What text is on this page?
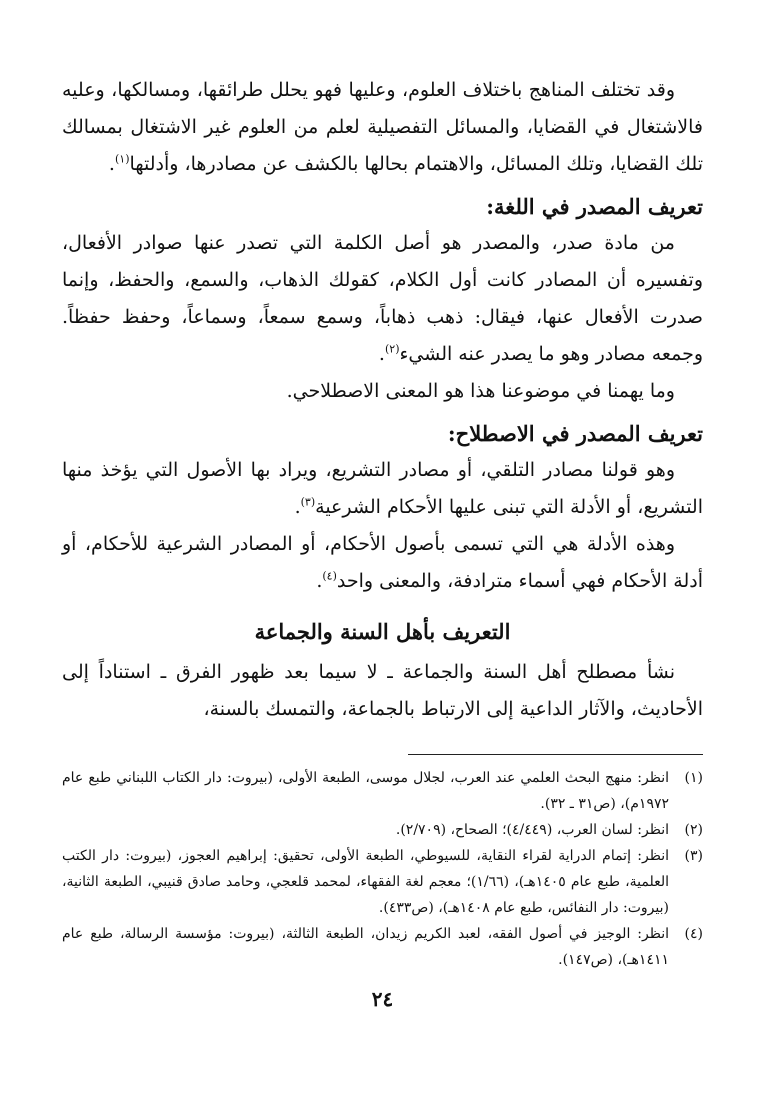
وقد تختلف المناهج باختلاف العلوم، وعليها فهو يحلل طرائقها، ومسالكها، وعليه فالاشتغال في القضايا، والمسائل التفصيلية لعلم من العلوم غير الاشتغال بمسالك تلك القضايا، وتلك المسائل، والاهتمام بحالها بالكشف عن مصادرها، وأدلتها$^{(١)}$.

تعريف المصدر في اللغة:

من مادة صدر، والمصدر هو أصل الكلمة التي تصدر عنها صوادر الأفعال، وتفسيره أن المصادر كانت أول الكلام، كقولك الذهاب، والسمع، والحفظ، وإنما صدرت الأفعال عنها، فيقال: ذهب ذهاباً، وسمع سمعاً، وسماعاً، وحفظ حفظاً. وجمعه مصادر وهو ما يصدر عنه الشيء$^{(٢)}$.

وما يهمنا في موضوعنا هذا هو المعنى الاصطلاحي.

تعريف المصدر في الاصطلاح:

وهو قولنا مصادر التلقي، أو مصادر التشريع، ويراد بها الأصول التي يؤخذ منها التشريع، أو الأدلة التي تبنى عليها الأحكام الشرعية$^{(٣)}$.

وهذه الأدلة هي التي تسمى بأصول الأحكام، أو المصادر الشرعية للأحكام، أو أدلة الأحكام فهي أسماء مترادفة، والمعنى واحد$^{(٤)}$.

التعريف بأهل السنة والجماعة

نشأ مصطلح أهل السنة والجماعة ـ لا سيما بعد ظهور الفرق ـ استناداً إلى الأحاديث، والآثار الداعية إلى الارتباط بالجماعة، والتمسك بالسنة،

(١)
انظر: منهج البحث العلمي عند العرب، لجلال موسى، الطبعة الأولى، (بيروت: دار الكتاب اللبناني طبع عام ١٩٧٢م)، (ص٣١ ـ ٣٢).
(٢)
انظر: لسان العرب، (٤/٤٤٩)؛ الصحاح، (٢/٧٠٩).
(٣)
انظر: إتمام الدراية لقراء النقاية، للسيوطي، الطبعة الأولى، تحقيق: إبراهيم العجوز، (بيروت: دار الكتب العلمية، طبع عام ١٤٠٥هـ)، (١/٦٦)؛ معجم لغة الفقهاء، لمحمد قلعجي، وحامد صادق قنيبي، الطبعة الثانية، (بيروت: دار النفائس، طبع عام ١٤٠٨هـ)، (ص٤٣٣).
(٤)
انظر: الوجيز في أصول الفقه، لعبد الكريم زيدان، الطبعة الثالثة، (بيروت: مؤسسة الرسالة، طبع عام ١٤١١هـ)، (ص١٤٧).
٢٤
